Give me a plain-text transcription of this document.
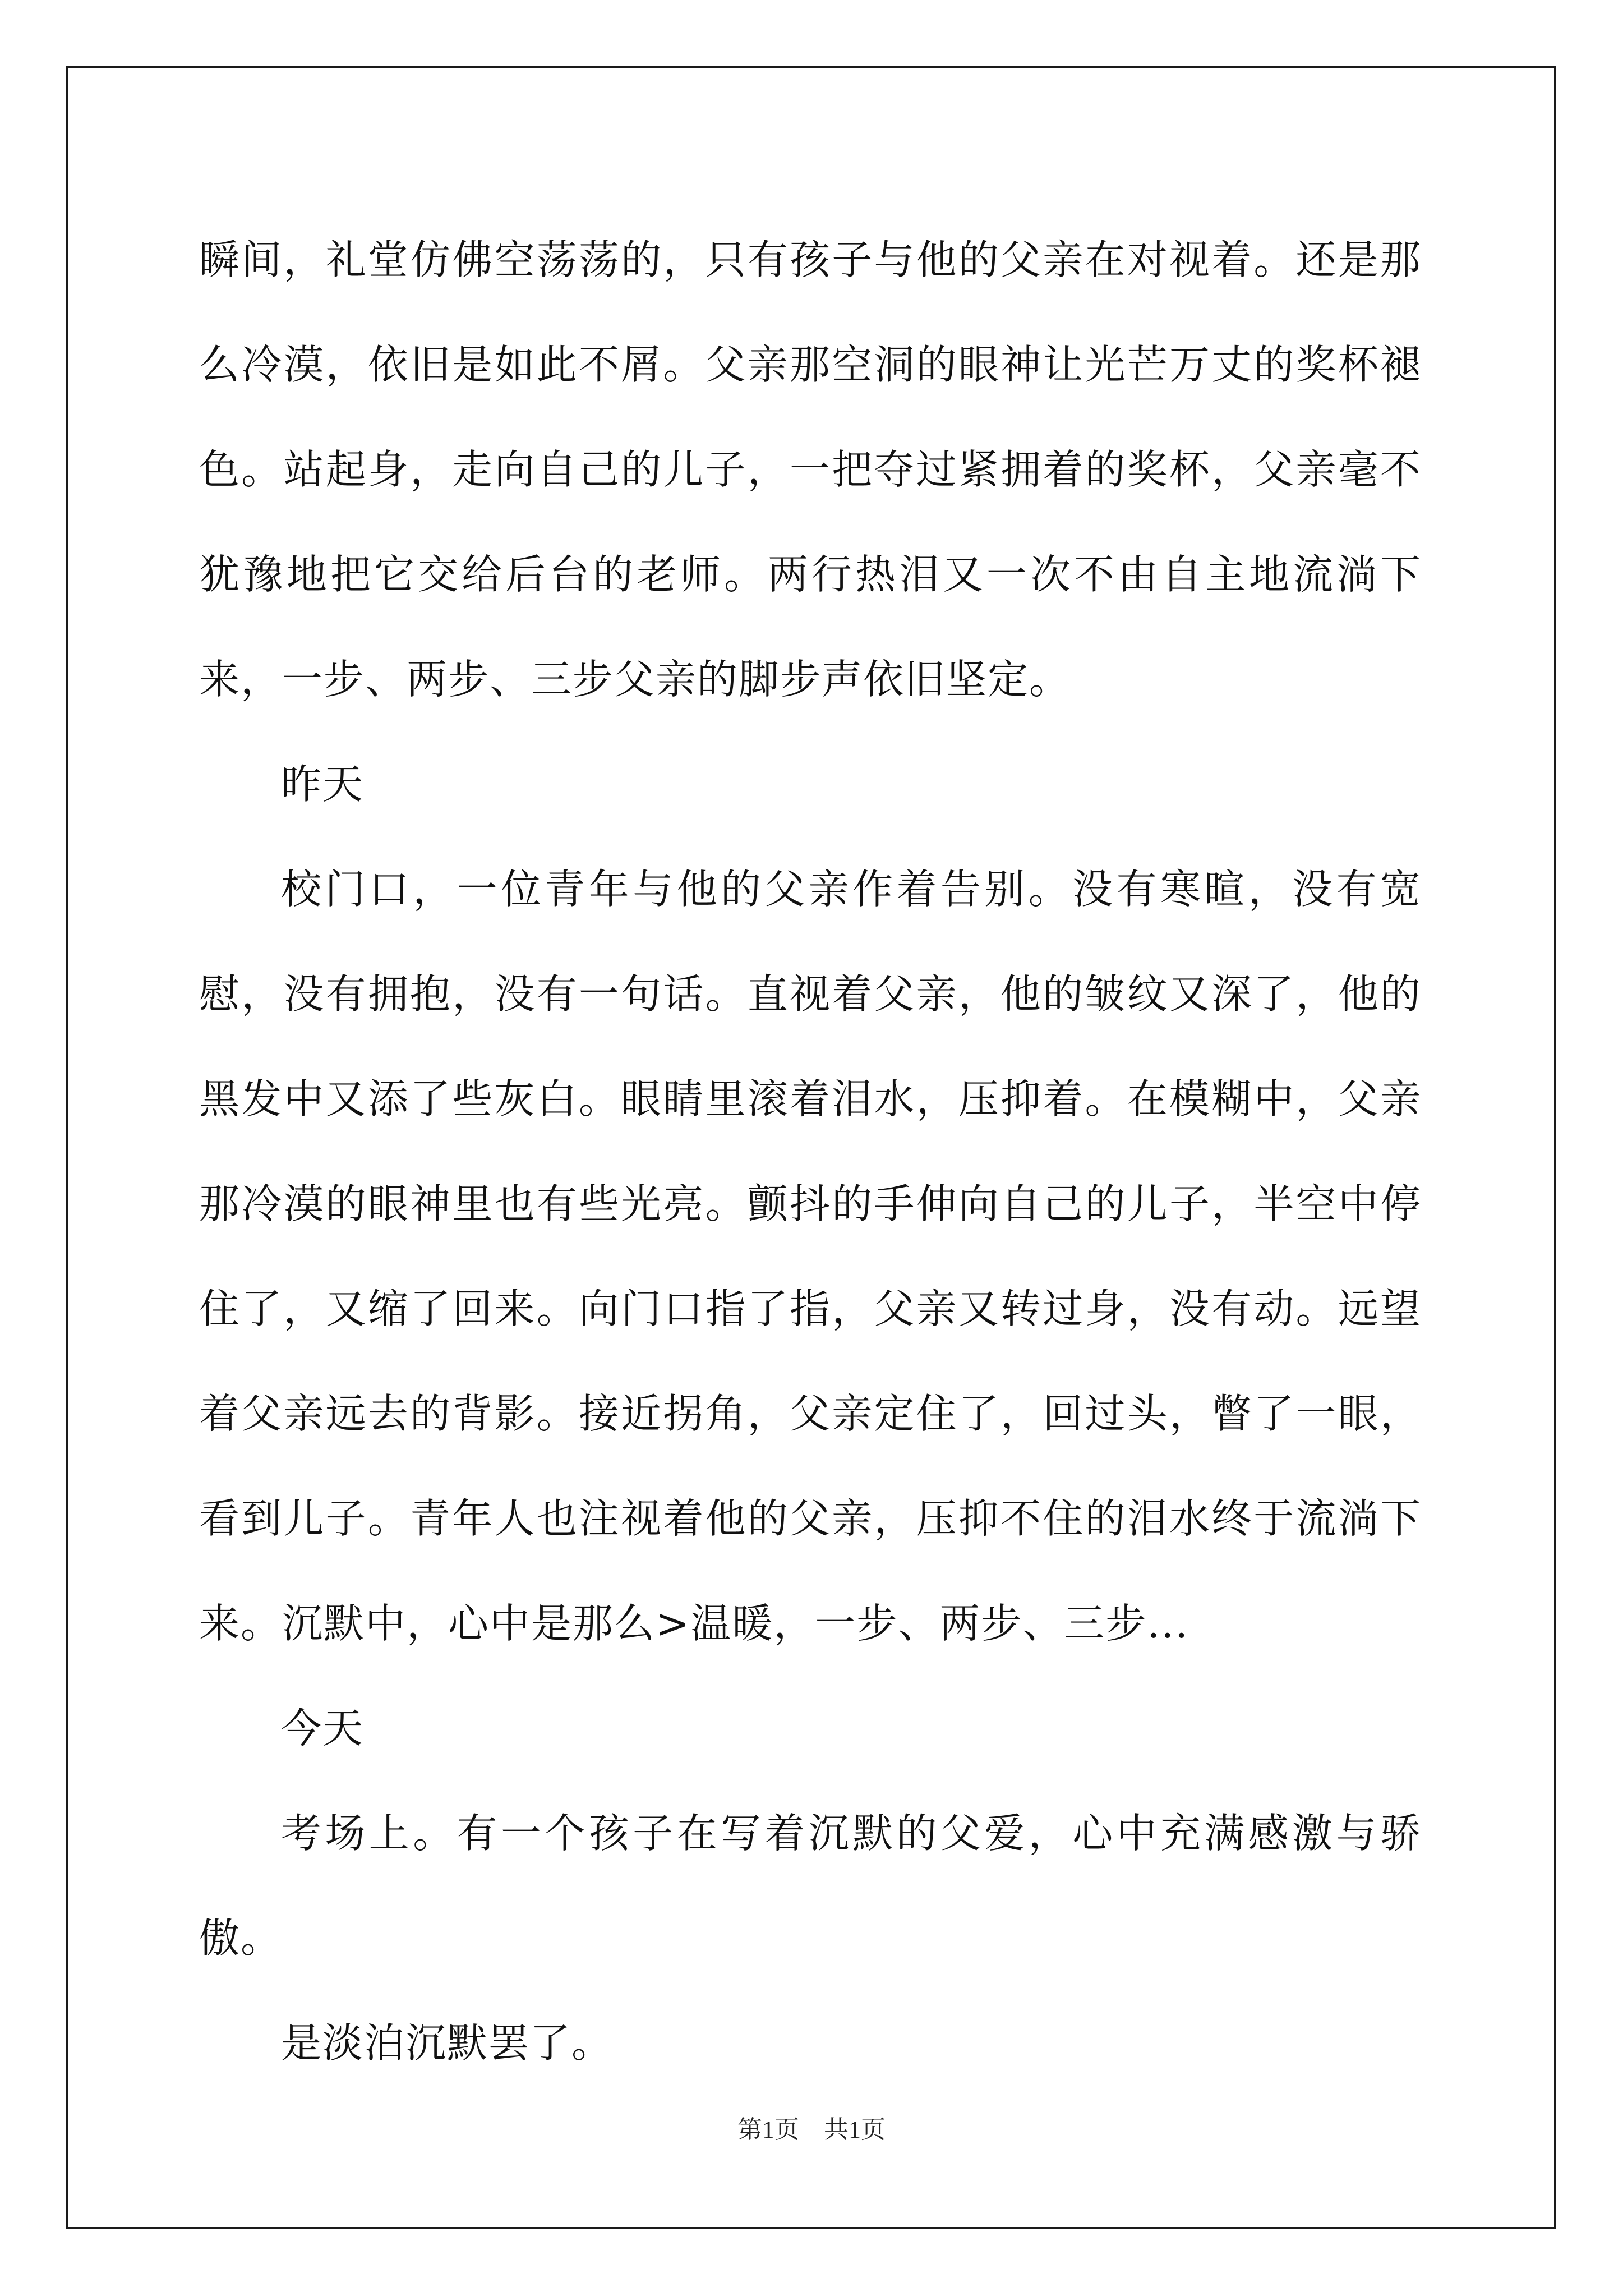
瞬间，礼堂仿佛空荡荡的，只有孩子与他的父亲在对视着。还是那么冷漠，依旧是如此不屑。父亲那空洞的眼神让光芒万丈的奖杯褪色。站起身，走向自己的儿子，一把夺过紧拥着的奖杯，父亲毫不犹豫地把它交给后台的老师。两行热泪又一次不由自主地流淌下来，一步、两步、三步父亲的脚步声依旧坚定。

昨天

校门口，一位青年与他的父亲作着告别。没有寒暄，没有宽慰，没有拥抱，没有一句话。直视着父亲，他的皱纹又深了，他的黑发中又添了些灰白。眼睛里滚着泪水，压抑着。在模糊中，父亲那冷漠的眼神里也有些光亮。颤抖的手伸向自己的儿子，半空中停住了，又缩了回来。向门口指了指，父亲又转过身，没有动。远望着父亲远去的背影。接近拐角，父亲定住了，回过头，瞥了一眼，看到儿子。青年人也注视着他的父亲，压抑不住的泪水终于流淌下来。沉默中，心中是那么>温暖，一步、两步、三步...

今天

考场上。有一个孩子在写着沉默的父爱，心中充满感激与骄傲。

是淡泊沉默罢了。

第1页　共1页
